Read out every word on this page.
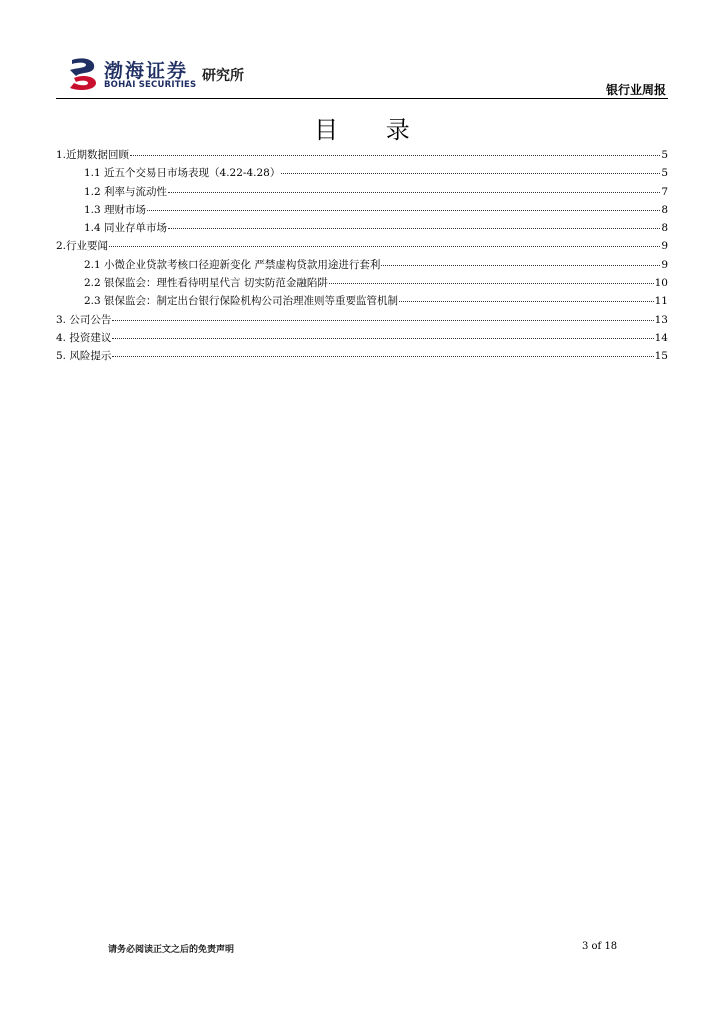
渤海证券
BOHAI SECURITIES
研究所
银行业周报
目 录
1.近期数据回顾	5
1.1 近五个交易日市场表现（4.22-4.28）	5
1.2 利率与流动性	7
1.3 理财市场	8
1.4 同业存单市场	8
2.行业要闻	9
2.1 小微企业贷款考核口径迎新变化 严禁虚构贷款用途进行套利	9
2.2 银保监会：理性看待明星代言 切实防范金融陷阱	10
2.3 银保监会：制定出台银行保险机构公司治理准则等重要监管机制	11
3. 公司公告	13
4. 投资建议	14
5. 风险提示	15
请务必阅读正文之后的免责声明	3 of 18
